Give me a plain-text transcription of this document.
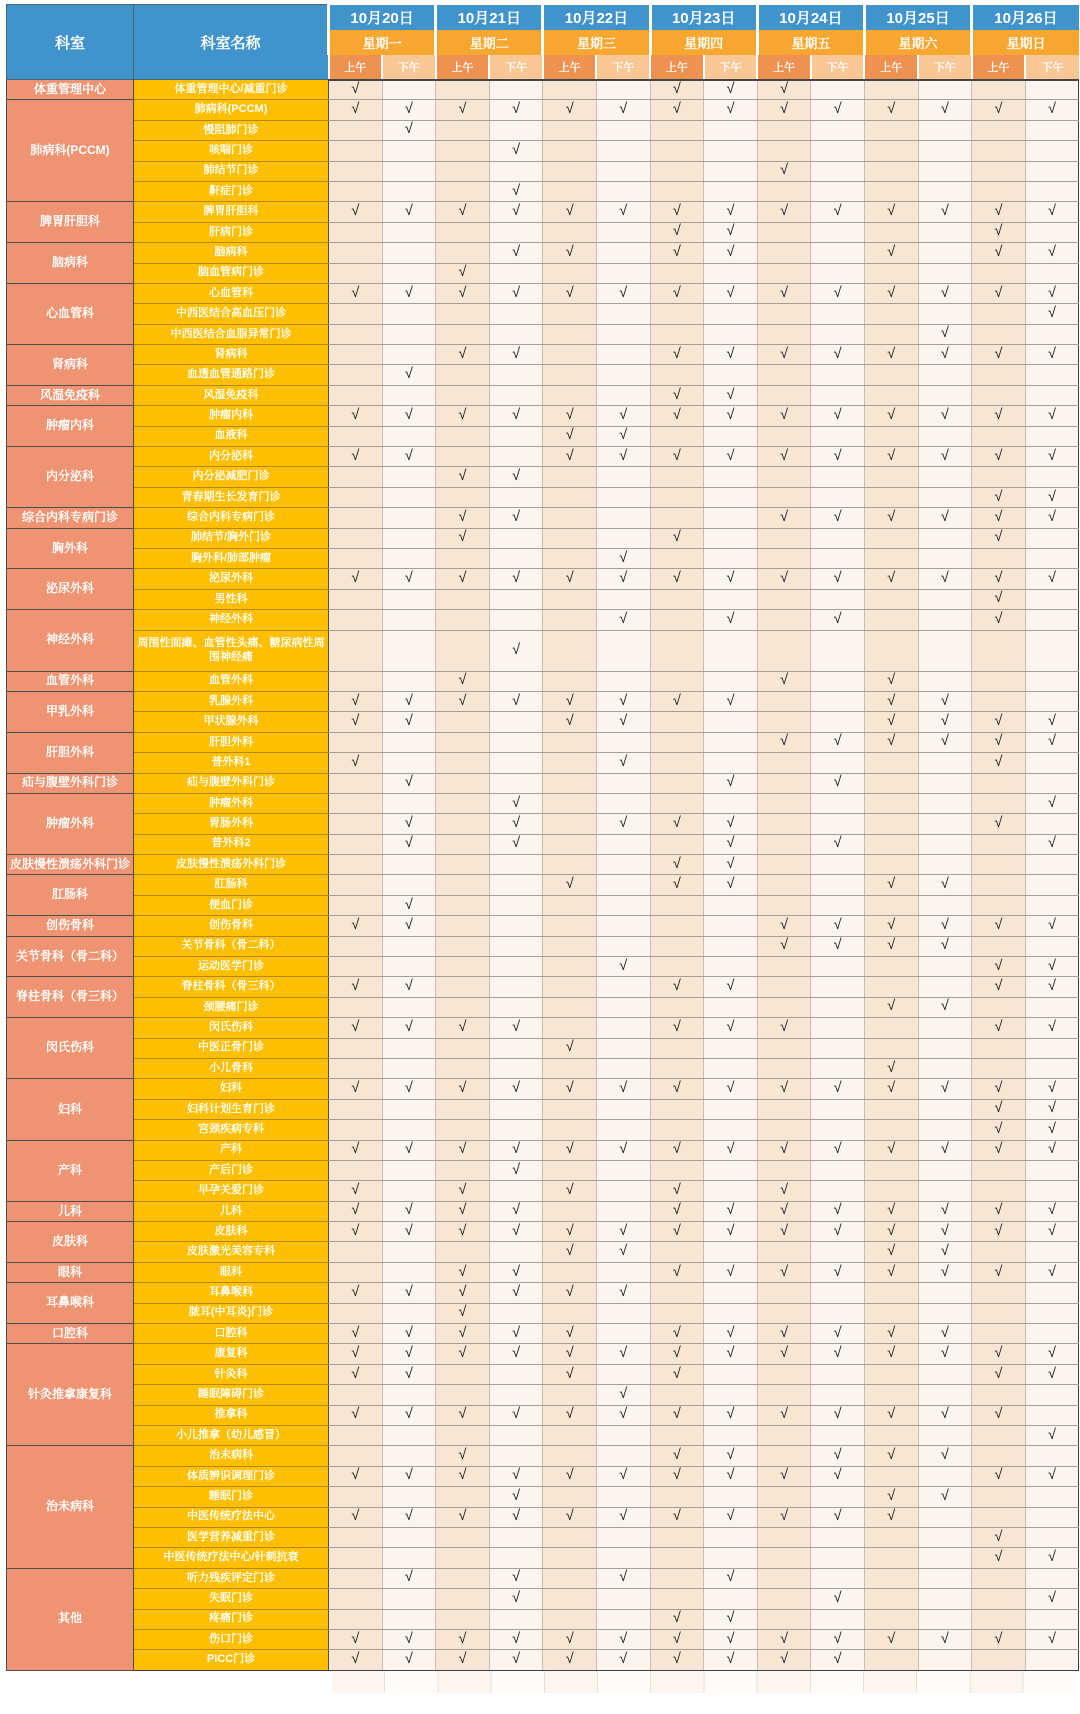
科室	科室名称	10月20日		10月21日		10月22日		10月23日		10月24日		10月25日		10月26日	
		星期一		星期二		星期三		星期四		星期五		星期六		星期日	
		上午	下午	上午	下午	上午	下午	上午	下午	上午	下午	上午	下午	上午	下午
体重管理中心	体重管理中心/减重门诊	√						√	√	√					
肺病科(PCCM)	肺病科(PCCM)	√	√	√	√	√	√	√	√	√	√	√	√	√	√
	慢阻肺门诊		√												
	咳喘门诊				√										
	肺结节门诊									√					
	鼾症门诊				√										
脾胃肝胆科	脾胃肝胆科	√	√	√	√	√	√	√	√	√	√	√	√	√	√
	肝病门诊							√	√					√	
脑病科	脑病科				√	√		√	√			√		√	√
	脑血管病门诊			√											
心血管科	心血管科	√	√	√	√	√	√	√	√	√	√	√	√	√	√
	中西医结合高血压门诊														√
	中西医结合血脂异常门诊												√		
肾病科	肾病科			√	√			√	√	√	√	√	√	√	√
	血透血管通路门诊		√												
风湿免疫科	风湿免疫科							√	√						
肿瘤内科	肿瘤内科	√	√	√	√	√	√	√	√	√	√	√	√	√	√
	血液科					√	√								
内分泌科	内分泌科	√	√			√	√	√	√	√	√	√	√	√	√
	内分泌减肥门诊			√	√										
	青春期生长发育门诊													√	√
综合内科专病门诊	综合内科专病门诊			√	√					√	√	√	√	√	√
胸外科	肺结节/胸外门诊			√				√						√	
	胸外科/肺部肿瘤						√								
泌尿外科	泌尿外科	√	√	√	√	√	√	√	√	√	√	√	√	√	√
	男性科													√	
神经外科	神经外科						√		√		√			√	
	周围性面瘫、血管性头痛、糖尿病性周围神经痛				√										
血管外科	血管外科			√						√		√			
甲乳外科	乳腺外科	√	√	√	√	√	√	√	√			√	√		
	甲状腺外科	√	√			√	√					√	√	√	√
肝胆外科	肝胆外科									√	√	√	√	√	√
	普外科1	√					√							√	
疝与腹壁外科门诊	疝与腹壁外科门诊		√						√		√				
肿瘤外科	肿瘤外科				√										√
	胃肠外科		√		√		√	√	√					√	
	普外科2		√		√				√		√				√
皮肤慢性溃疡外科门诊	皮肤慢性溃疡外科门诊							√	√						
肛肠科	肛肠科					√		√	√			√	√		
	便血门诊		√												
创伤骨科	创伤骨科	√	√							√	√	√	√	√	√
关节骨科（骨二科）	关节骨科（骨二科）									√	√	√	√		
	运动医学门诊						√							√	√
脊柱骨科（骨三科）	脊柱骨科（骨三科）	√	√					√	√					√	√
	颈腰痛门诊											√	√		
闵氏伤科	闵氏伤科	√	√	√	√			√	√	√				√	√
	中医正骨门诊					√									
	小儿骨科											√			
妇科	妇科	√	√	√	√	√	√	√	√	√	√	√	√	√	√
	妇科计划生育门诊													√	√
	宫颈疾病专科													√	√
产科	产科	√	√	√	√	√	√	√	√	√	√	√	√	√	√
	产后门诊				√										
	早孕关爱门诊	√		√		√		√		√					
儿科	儿科	√	√	√	√			√	√	√	√	√	√	√	√
皮肤科	皮肤科	√	√	√	√	√	√	√	√	√	√	√	√	√	√
	皮肤激光美容专科					√	√					√	√		
眼科	眼科			√	√			√	√	√	√	√	√	√	√
耳鼻喉科	耳鼻喉科	√	√	√	√	√	√								
	脓耳(中耳炎)门诊			√											
口腔科	口腔科	√	√	√	√	√		√	√	√	√	√	√		
针灸推拿康复科	康复科	√	√	√	√	√	√	√	√	√	√	√	√	√	√
	针灸科	√	√			√		√						√	√
	睡眠障碍门诊						√								
	推拿科	√	√	√	√	√	√	√	√	√	√	√	√	√	
	小儿推拿（幼儿感冒）														√
治未病科	治未病科			√				√	√		√	√	√		
	体质辨识调理门诊	√	√	√	√	√	√	√	√	√	√			√	√
	睡眠门诊				√							√	√		
	中医传统疗法中心	√	√	√	√	√	√	√	√	√	√	√			
	医学营养减重门诊													√	
	中医传统疗法中心/针刺抗衰													√	√
其他	听力残疾评定门诊		√		√		√		√						
	失眠门诊				√						√				√
	疼痛门诊							√	√						
	伤口门诊	√	√	√	√	√	√	√	√	√	√	√	√	√	√
	PICC门诊	√	√	√	√	√	√	√	√	√	√				
